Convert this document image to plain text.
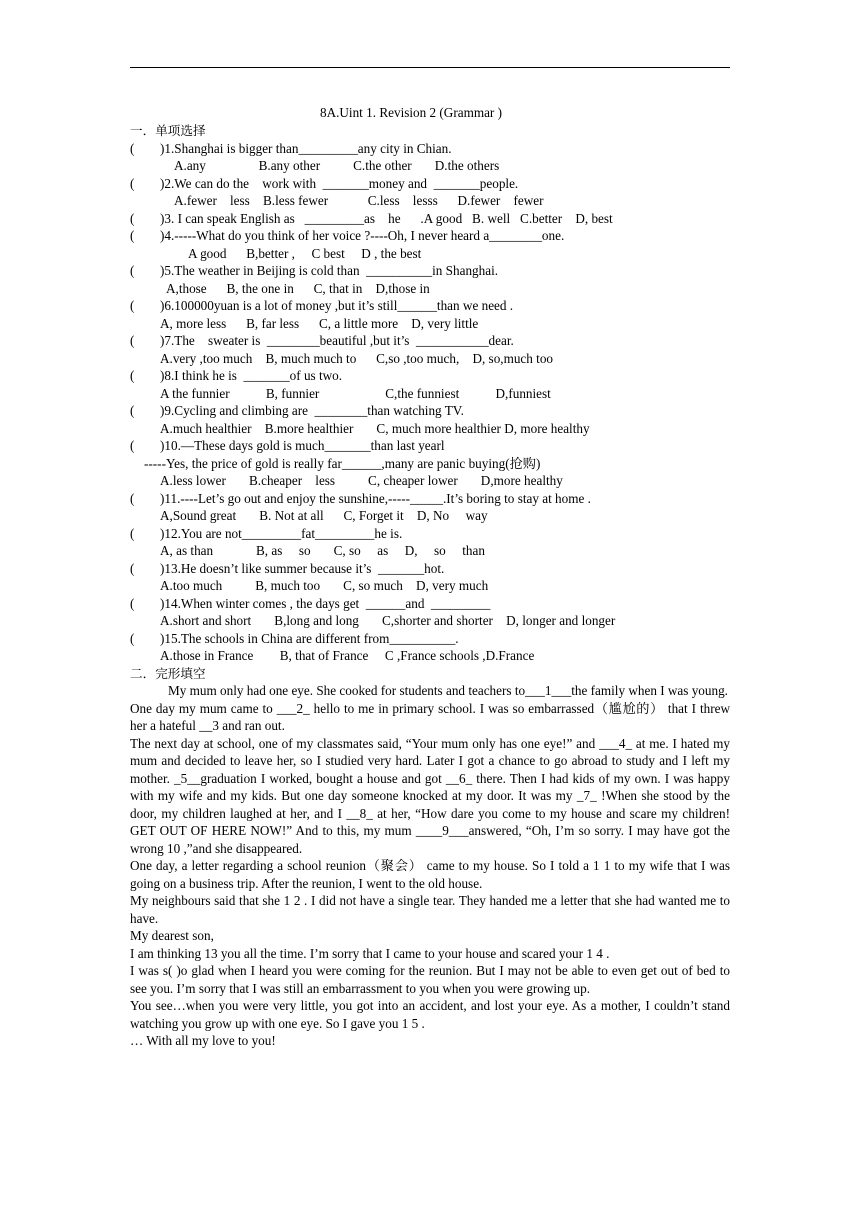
8A.Uint 1. Revision 2 (Grammar )
一．单项选择
( )1.Shanghai is bigger than_________any city in Chian.
A.any                B.any other          C.the other       D.the others
( )2.We can do the    work with  _______money and  _______people.
A.fewer    less    B.less fewer            C.less    lesss      D.fewer    fewer
( )3. I can speak English as   _________as    he      .A good   B. well   C.better    D, best
( )4.-----What do you think of her voice ?----Oh, I never heard a________one.
A good      B,better ,     C best     D , the best
( )5.The weather in Beijing is cold than  __________in Shanghai.
A,those      B, the one in      C, that in    D,those in
( )6.100000yuan is a lot of money ,but it’s still______than we need .
A, more less      B, far less      C, a little more    D, very little
( )7.The    sweater is  ________beautiful ,but it’s  ___________dear.
A.very ,too much    B, much much to      C,so ,too much,    D, so,much too
( )8.I think he is  _______of us two.
A the funnier           B, funnier                    C,the funniest           D,funniest
( )9.Cycling and climbing are  ________than watching TV.
A.much healthier    B.more healthier       C, much more healthier D, more healthy
( )10.—These days gold is much_______than last yearl
-----Yes, the price of gold is really far______,many are panic buying(抢购)
A.less lower       B.cheaper    less          C, cheaper lower       D,more healthy
( )11.----Let’s go out and enjoy the sunshine,-----_____.It’s boring to stay at home .
A,Sound great       B. Not at all      C, Forget it    D, No     way
( )12.You are not_________fat_________he is.
A, as than             B, as     so       C, so     as     D,     so     than
( )13.He doesn’t like summer because it’s  _______hot.
A.too much          B, much too       C, so much    D, very much
( )14.When winter comes , the days get  ______and  _________
A.short and short       B,long and long       C,shorter and shorter    D, longer and longer
( )15.The schools in China are different from__________.
A.those in France        B, that of France     C ,France schools ,D.France
二．完形填空
My mum only had one eye. She cooked for students and teachers to___1___the family when I was young.
One day my mum came to ___2_ hello to me in primary school. I was so embarrassed（尴尬的） that I threw her a hateful __3 and ran out.
The next day at school, one of my classmates said, “Your mum only has one eye!” and ___4_ at me. I hated my mum and decided to leave her, so I studied very hard. Later I got a chance to go abroad to study and I left my mother. _5__graduation I worked, bought a house and got __6_ there. Then I had kids of my own. I was happy with my wife and my kids. But one day someone knocked at my door. It was my _7_ !When she stood by the door, my children laughed at her, and I __8_ at her, “How dare you come to my house and scare my children! GET OUT OF HERE NOW!” And to this, my mum ____9___answered, “Oh, I’m so sorry. I may have got the wrong 10 ,”and she disappeared.
One day, a letter regarding a school reunion（聚会） came to my house. So I told a 1 1 to my wife that I was going on a business trip. After the reunion, I went to the old house.
My neighbours said that she 1 2 . I did not have a single tear. They handed me a letter that she had wanted me to have.
My dearest son,
I am thinking 13 you all the time. I’m sorry that I came to your house and scared your 1 4 .
I was s( )o glad when I heard you were coming for the reunion. But I may not be able to even get out of bed to see you. I’m sorry that I was still an embarrassment to you when you were growing up.
You see…when you were very little, you got into an accident, and lost your eye. As a mother, I couldn’t stand watching you grow up with one eye. So I gave you 1 5 .
… With all my love to you!
